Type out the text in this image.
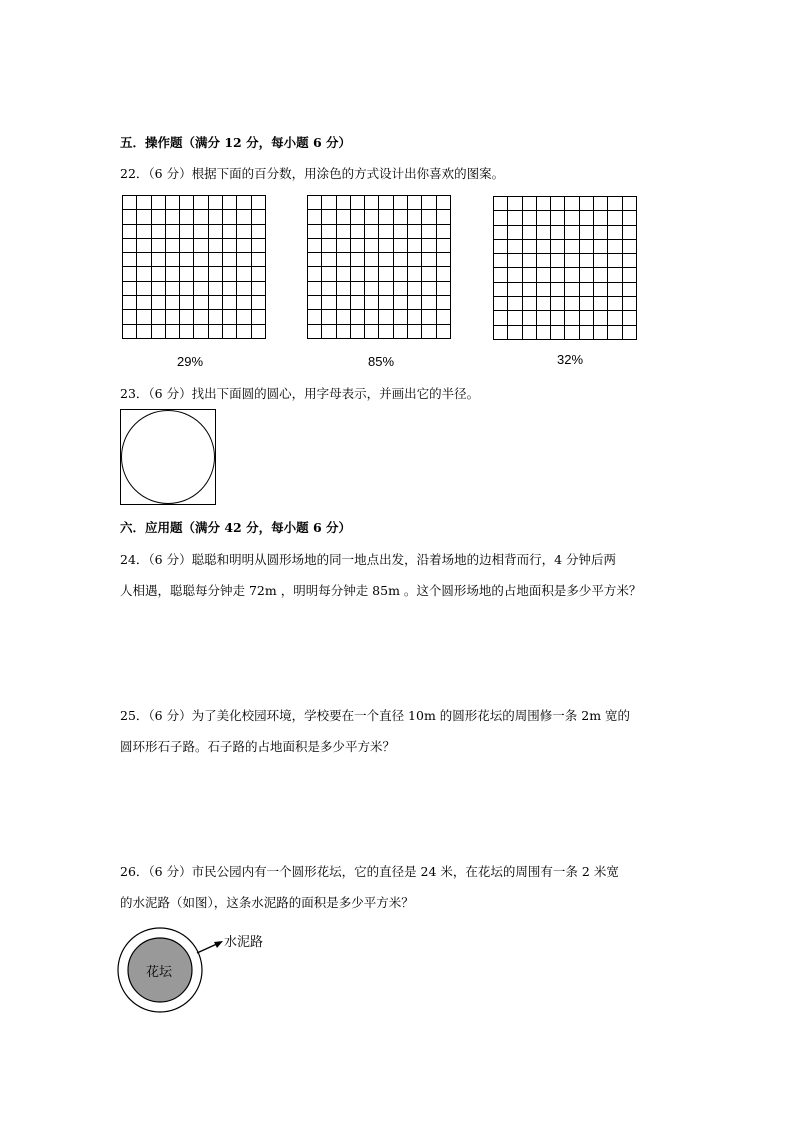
五．操作题（满分 12 分，每小题 6 分）
22．（6 分）根据下面的百分数，用涂色的方式设计出你喜欢的图案。

29%	85%	32%
23．（6 分）找出下面圆的圆心，用字母表示，并画出它的半径。
六．应用题（满分 42 分，每小题 6 分）
24．（6 分）聪聪和明明从圆形场地的同一地点出发，沿着场地的边相背而行，4 分钟后两
人相遇，聪聪每分钟走 72m ，明明每分钟走 85m 。这个圆形场地的占地面积是多少平方米？
25．（6 分）为了美化校园环境，学校要在一个直径 10m 的圆形花坛的周围修一条 2m 宽的
圆环形石子路。石子路的占地面积是多少平方米？
26．（6 分）市民公园内有一个圆形花坛，它的直径是 24 米，在花坛的周围有一条 2 米宽
的水泥路（如图），这条水泥路的面积是多少平方米？
花坛
水泥路
